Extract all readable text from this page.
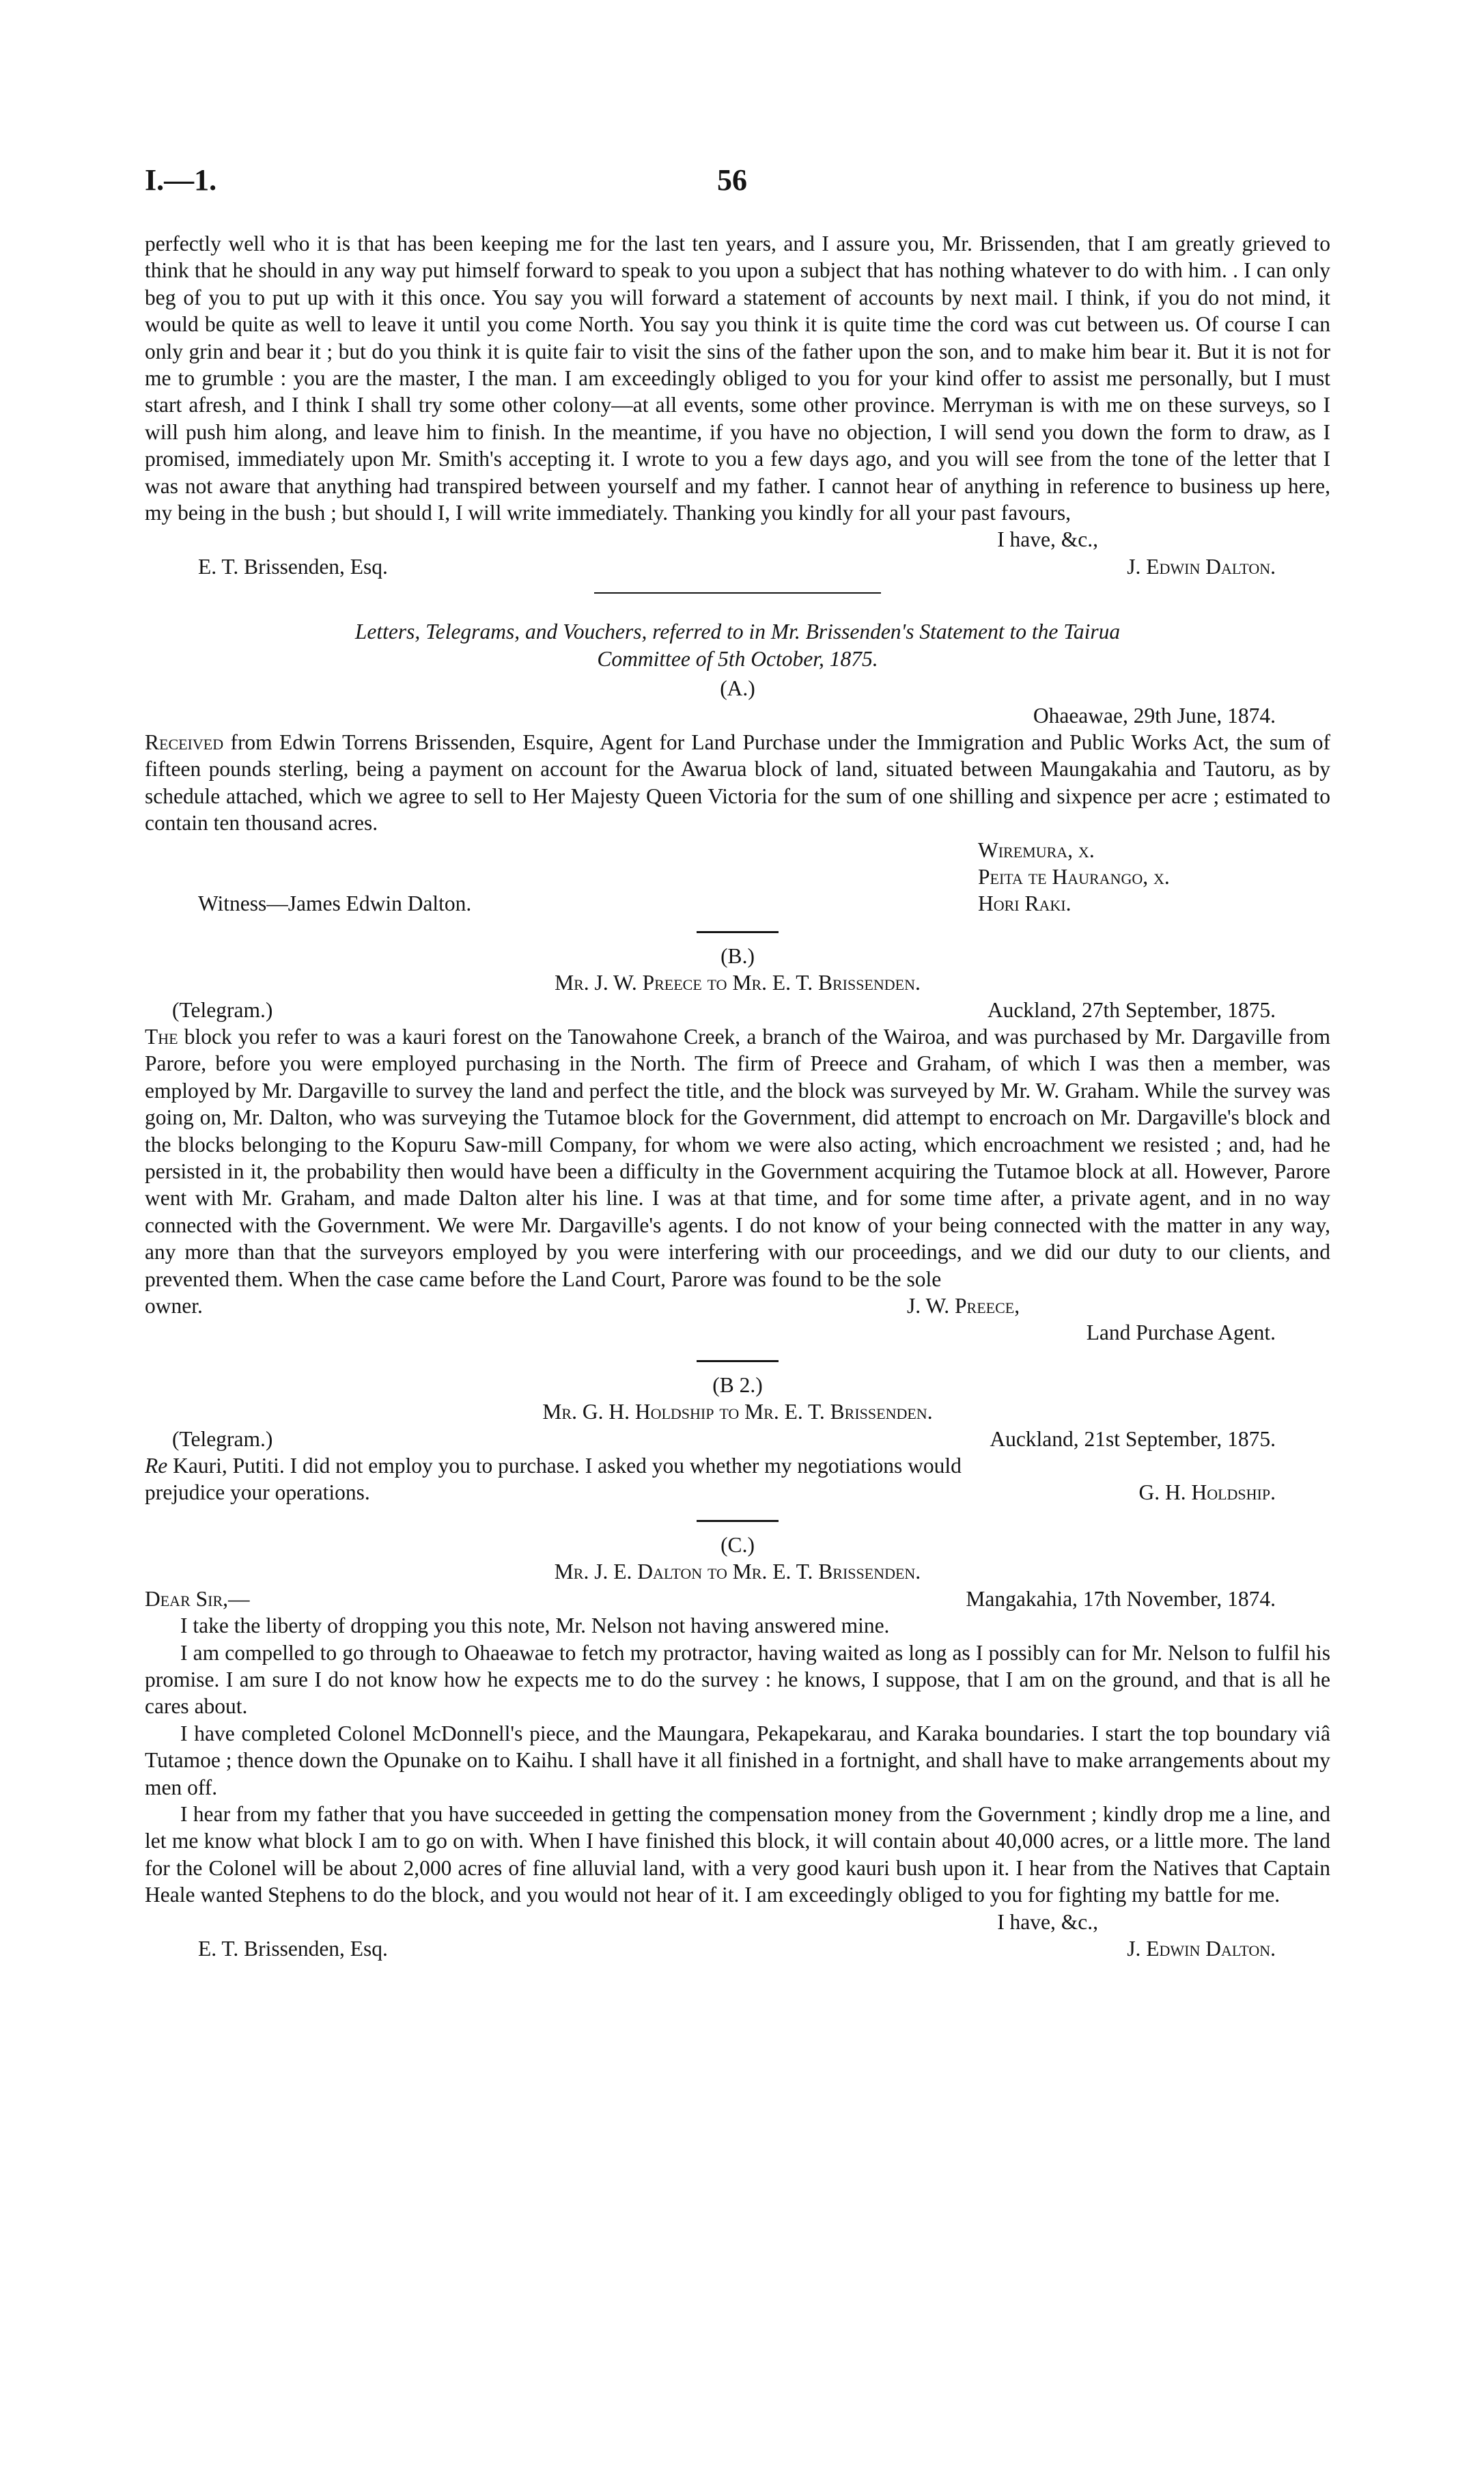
I.—1.	56

perfectly well who it is that has been keeping me for the last ten years, and I assure you, Mr. Brissenden, that I am greatly grieved to think that he should in any way put himself forward to speak to you upon a subject that has nothing whatever to do with him. . I can only beg of you to put up with it this once. You say you will forward a statement of accounts by next mail. I think, if you do not mind, it would be quite as well to leave it until you come North. You say you think it is quite time the cord was cut between us. Of course I can only grin and bear it ; but do you think it is quite fair to visit the sins of the father upon the son, and to make him bear it. But it is not for me to grumble : you are the master, I the man. I am exceedingly obliged to you for your kind offer to assist me personally, but I must start afresh, and I think I shall try some other colony—at all events, some other province. Merryman is with me on these surveys, so I will push him along, and leave him to finish. In the meantime, if you have no objection, I will send you down the form to draw, as I promised, immediately upon Mr. Smith's accepting it. I wrote to you a few days ago, and you will see from the tone of the letter that I was not aware that anything had transpired between yourself and my father. I cannot hear of anything in reference to business up here, my being in the bush ; but should I, I will write immediately. Thanking you kindly for all your past favours,

I have, &c.,
E. T. Brissenden, Esq.	J. Edwin Dalton.
Letters, Telegrams, and Vouchers, referred to in Mr. Brissenden's Statement to the Tairua
Committee of 5th October, 1875.
(A.)
Ohaeawae, 29th June, 1874.

Received from Edwin Torrens Brissenden, Esquire, Agent for Land Purchase under the Immigration and Public Works Act, the sum of fifteen pounds sterling, being a payment on account for the Awarua block of land, situated between Maungakahia and Tautoru, as by schedule attached, which we agree to sell to Her Majesty Queen Victoria for the sum of one shilling and sixpence per acre ; estimated to contain ten thousand acres.

Wiremura, x.
Peita te Haurango, x.
Witness—James Edwin Dalton.	Hori Raki.
(B.)
Mr. J. W. Preece to Mr. E. T. Brissenden.
(Telegram.)	Auckland, 27th September, 1875.

The block you refer to was a kauri forest on the Tanowahone Creek, a branch of the Wairoa, and was purchased by Mr. Dargaville from Parore, before you were employed purchasing in the North. The firm of Preece and Graham, of which I was then a member, was employed by Mr. Dargaville to survey the land and perfect the title, and the block was surveyed by Mr. W. Graham. While the survey was going on, Mr. Dalton, who was surveying the Tutamoe block for the Government, did attempt to encroach on Mr. Dargaville's block and the blocks belonging to the Kopuru Saw-mill Company, for whom we were also acting, which encroachment we resisted ; and, had he persisted in it, the probability then would have been a difficulty in the Government acquiring the Tutamoe block at all. However, Parore went with Mr. Graham, and made Dalton alter his line. I was at that time, and for some time after, a private agent, and in no way connected with the Government. We were Mr. Dargaville's agents. I do not know of your being connected with the matter in any way, any more than that the surveyors employed by you were interfering with our proceedings, and we did our duty to our clients, and prevented them. When the case came before the Land Court, Parore was found to be the sole

owner.	J. W. Preece,
Land Purchase Agent.
(B 2.)
Mr. G. H. Holdship to Mr. E. T. Brissenden.
(Telegram.)	Auckland, 21st September, 1875.

Re Kauri, Putiti. I did not employ you to purchase. I asked you whether my negotiations would

prejudice your operations.	G. H. Holdship.
(C.)
Mr. J. E. Dalton to Mr. E. T. Brissenden.
Dear Sir,—	Mangakahia, 17th November, 1874.

I take the liberty of dropping you this note, Mr. Nelson not having answered mine.

I am compelled to go through to Ohaeawae to fetch my protractor, having waited as long as I possibly can for Mr. Nelson to fulfil his promise. I am sure I do not know how he expects me to do the survey : he knows, I suppose, that I am on the ground, and that is all he cares about.

I have completed Colonel McDonnell's piece, and the Maungara, Pekapekarau, and Karaka boundaries. I start the top boundary viâ Tutamoe ; thence down the Opunake on to Kaihu. I shall have it all finished in a fortnight, and shall have to make arrangements about my men off.

I hear from my father that you have succeeded in getting the compensation money from the Government ; kindly drop me a line, and let me know what block I am to go on with. When I have finished this block, it will contain about 40,000 acres, or a little more. The land for the Colonel will be about 2,000 acres of fine alluvial land, with a very good kauri bush upon it. I hear from the Natives that Captain Heale wanted Stephens to do the block, and you would not hear of it. I am exceedingly obliged to you for fighting my battle for me.

I have, &c.,
E. T. Brissenden, Esq.	J. Edwin Dalton.
